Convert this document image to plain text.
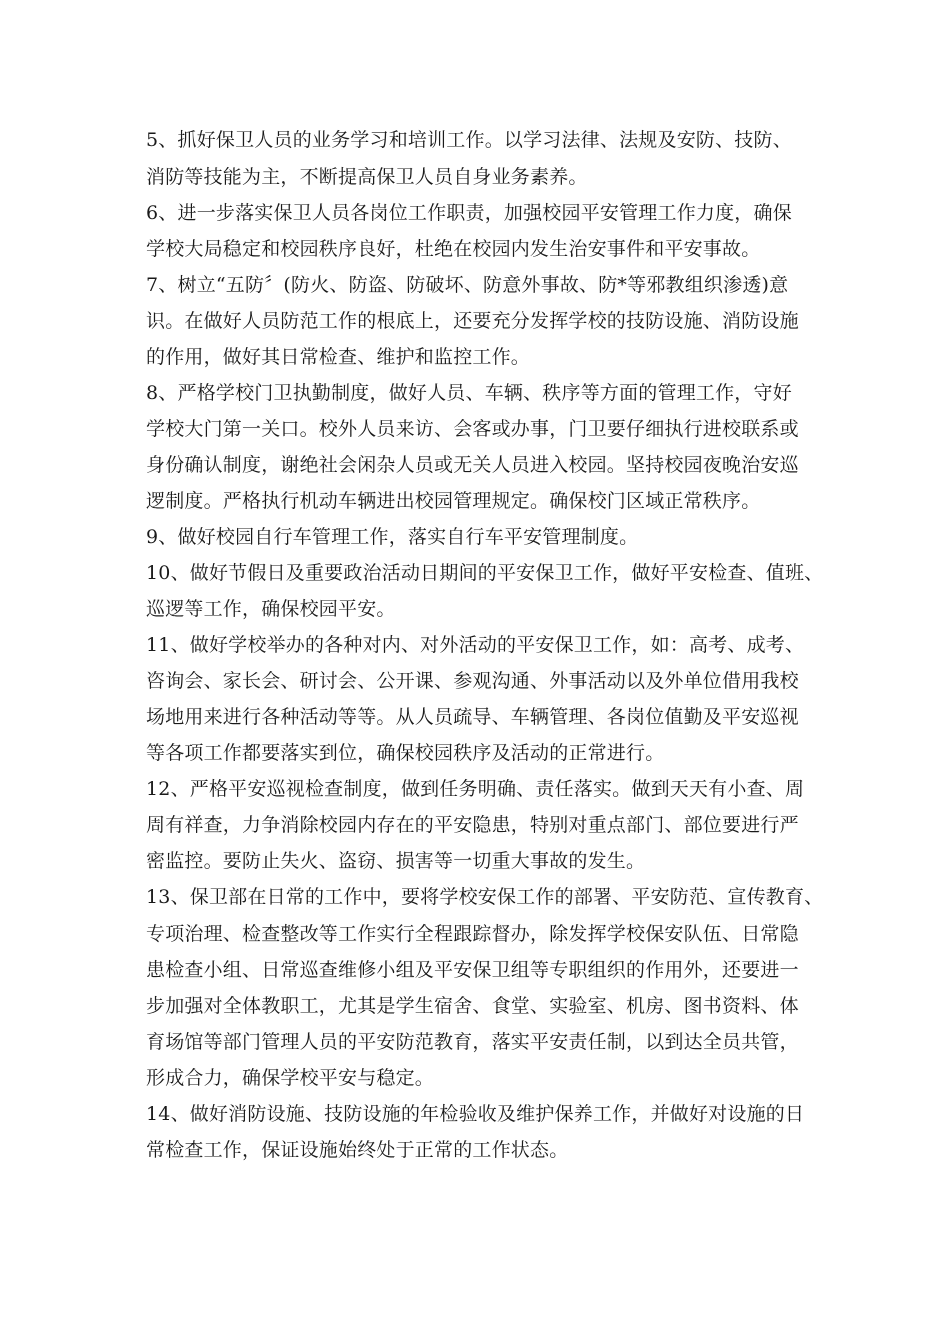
5、抓好保卫人员的业务学习和培训工作。以学习法律、法规及安防、技防、
消防等技能为主，不断提高保卫人员自身业务素养。
6、进一步落实保卫人员各岗位工作职责，加强校园平安管理工作力度，确保
学校大局稳定和校园秩序良好，杜绝在校园内发生治安事件和平安事故。
7、树立“五防〞(防火、防盗、防破坏、防意外事故、防*等邪教组织渗透)意
识。在做好人员防范工作的根底上，还要充分发挥学校的技防设施、消防设施
的作用，做好其日常检查、维护和监控工作。
8、严格学校门卫执勤制度，做好人员、车辆、秩序等方面的管理工作，守好
学校大门第一关口。校外人员来访、会客或办事，门卫要仔细执行进校联系或
身份确认制度，谢绝社会闲杂人员或无关人员进入校园。坚持校园夜晚治安巡
逻制度。严格执行机动车辆进出校园管理规定。确保校门区域正常秩序。
9、做好校园自行车管理工作，落实自行车平安管理制度。
10、做好节假日及重要政治活动日期间的平安保卫工作，做好平安检查、值班、
巡逻等工作，确保校园平安。
11、做好学校举办的各种对内、对外活动的平安保卫工作，如：高考、成考、
咨询会、家长会、研讨会、公开课、参观沟通、外事活动以及外单位借用我校
场地用来进行各种活动等等。从人员疏导、车辆管理、各岗位值勤及平安巡视
等各项工作都要落实到位，确保校园秩序及活动的正常进行。
12、严格平安巡视检查制度，做到任务明确、责任落实。做到天天有小查、周
周有祥查，力争消除校园内存在的平安隐患，特别对重点部门、部位要进行严
密监控。要防止失火、盗窃、损害等一切重大事故的发生。
13、保卫部在日常的工作中，要将学校安保工作的部署、平安防范、宣传教育、
专项治理、检查整改等工作实行全程跟踪督办，除发挥学校保安队伍、日常隐
患检查小组、日常巡查维修小组及平安保卫组等专职组织的作用外，还要进一
步加强对全体教职工，尤其是学生宿舍、食堂、实验室、机房、图书资料、体
育场馆等部门管理人员的平安防范教育，落实平安责任制，以到达全员共管，
形成合力，确保学校平安与稳定。
14、做好消防设施、技防设施的年检验收及维护保养工作，并做好对设施的日
常检查工作，保证设施始终处于正常的工作状态。
